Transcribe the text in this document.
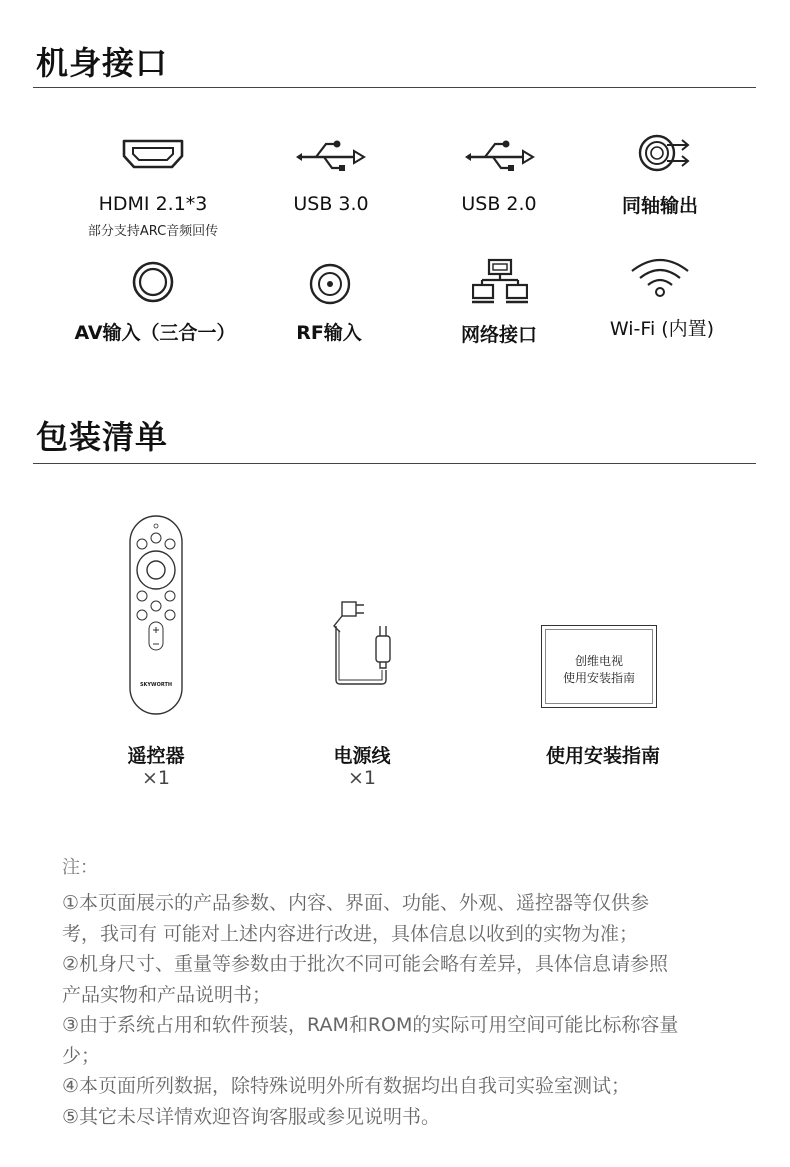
机身接口
HDMI 2.1*3
部分支持ARC音频回传
USB 3.0	USB 2.0	同轴输出
AV输入（三合一）	RF输入	网络接口	Wi-Fi (内置)
包装清单
SKYWORTH
遥控器
×1
电源线
×1
创维电视
使用安装指南
使用安装指南
注：
①本页面展示的产品参数、内容、界面、功能、外观、遥控器等仅供参
考，我司有 可能对上述内容进行改进，具体信息以收到的实物为准；
②机身尺寸、重量等参数由于批次不同可能会略有差异，具体信息请参照
产品实物和产品说明书；
③由于系统占用和软件预装，RAM和ROM的实际可用空间可能比标称容量
少；
④本页面所列数据，除特殊说明外所有数据均出自我司实验室测试；
⑤其它未尽详情欢迎咨询客服或参见说明书。
